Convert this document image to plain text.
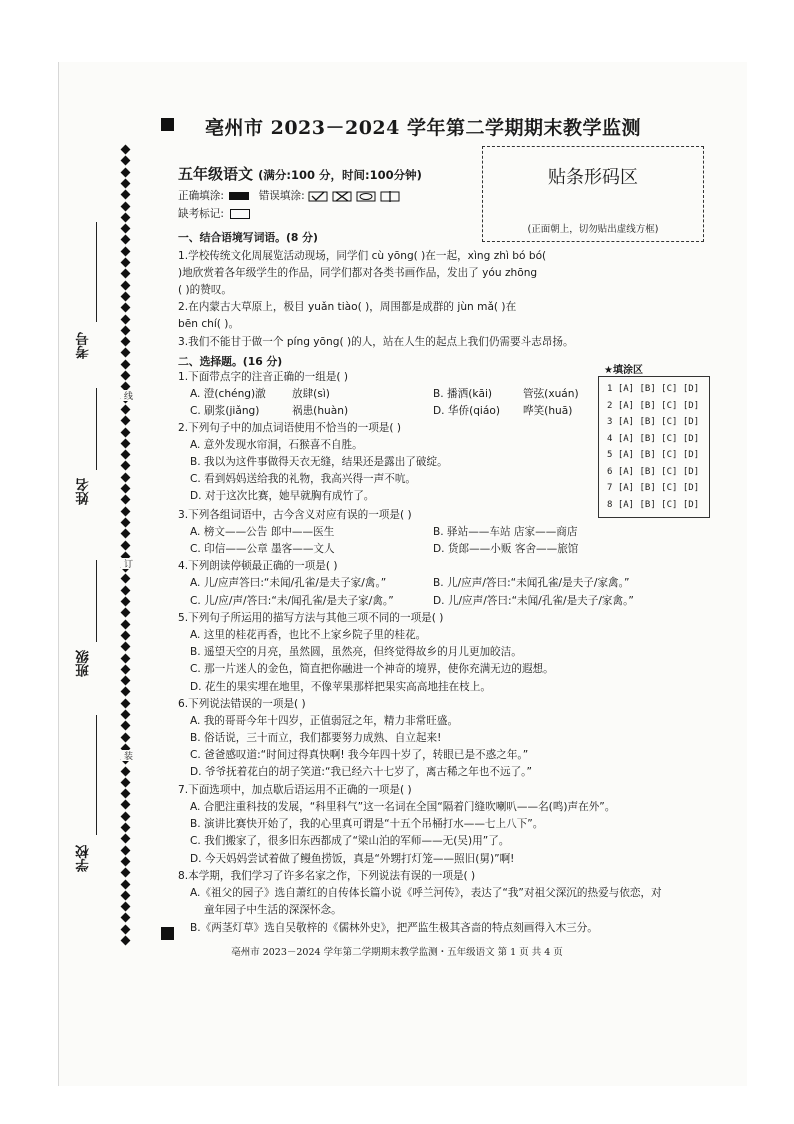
亳州市 2023－2024 学年第二学期期末教学监测
五年级语文 (满分:100 分，时间:100分钟)
正确填涂:	错误填涂:
缺考标记:
贴条形码区
(正面朝上，切勿贴出虚线方框)
考号
姓名
班级
学校
线
订
装
一、结合语境写词语。(8 分)
1.学校传统文化周展览活动现场，同学们 cù yōng( )在一起，xìng zhì bó bó(
)地欣赏着各年级学生的作品，同学们都对各类书画作品，发出了 yóu zhōng
( )的赞叹。
2.在内蒙古大草原上，极目 yuǎn tiào( )，周围都是成群的 jùn mǎ( )在
bēn chí( )。
3.我们不能甘于做一个 píng yōng( )的人，站在人生的起点上我们仍需要斗志昂扬。
二、选择题。(16 分)
★填涂区
1 [A] [B] [C] [D]
2 [A] [B] [C] [D]
3 [A] [B] [C] [D]
4 [A] [B] [C] [D]
5 [A] [B] [C] [D]
6 [A] [B] [C] [D]
7 [A] [B] [C] [D]
8 [A] [B] [C] [D]
1.下面带点字的注音正确的一组是( )
A. 澄(chéng)澈 放肆(sì)	B. 播洒(kāi)	管弦(xuán)
C. 刷浆(jiǎng)	祸患(huàn)	D. 华侨(qiáo) 哗笑(huā)
2.下列句子中的加点词语使用不恰当的一项是( )
A. 意外发现水帘洞，石猴喜不自胜。
B. 我以为这件事做得天衣无缝，结果还是露出了破绽。
C. 看到妈妈送给我的礼物，我高兴得一声不吭。
D. 对于这次比赛，她早就胸有成竹了。
3.下列各组词语中，古今含义对应有误的一项是( )
A. 榜文——公告 郎中——医生	B. 驿站——车站 店家——商店
C. 印信——公章 墨客——文人	D. 货郎——小贩 客舍——旅馆
4.下列朗读停顿最正确的一项是( )
A. 儿/应声答曰:“未闻/孔雀/是夫子家/禽。”	B. 儿/应声/答曰:“未闻孔雀/是夫子/家禽。”
C. 儿/应/声/答曰:“未/闻孔雀/是夫子家/禽。”	D. 儿/应声/答曰:“未闻/孔雀/是夫子/家禽。”
5.下列句子所运用的描写方法与其他三项不同的一项是( )
A. 这里的桂花再香，也比不上家乡院子里的桂花。
B. 遥望天空的月亮，虽然圆，虽然亮，但终觉得故乡的月儿更加皎洁。
C. 那一片迷人的金色，简直把你融进一个神奇的境界，使你充满无边的遐想。
D. 花生的果实埋在地里，不像苹果那样把果实高高地挂在枝上。
6.下列说法错误的一项是( )
A. 我的哥哥今年十四岁，正值弱冠之年，精力非常旺盛。
B. 俗话说，三十而立，我们都要努力成熟、自立起来!
C. 爸爸感叹道:“时间过得真快啊! 我今年四十岁了，转眼已是不惑之年。”
D. 爷爷抚着花白的胡子笑道:“我已经六十七岁了，离古稀之年也不远了。”
7.下面选项中，加点歇后语运用不正确的一项是( )
A. 合肥注重科技的发展，“科里科气”这一名词在全国“隔着门缝吹喇叭——名(鸣)声在外”。
B. 演讲比赛快开始了，我的心里真可谓是“十五个吊桶打水——七上八下”。
C. 我们搬家了，很多旧东西都成了“梁山泊的军师——无(吴)用”了。
D. 今天妈妈尝试着做了鳗鱼捞饭，真是“外甥打灯笼——照旧(舅)”啊!
8.本学期，我们学习了许多名家之作，下列说法有误的一项是( )
A.《祖父的园子》选自萧红的自传体长篇小说《呼兰河传》，表达了“我”对祖父深沉的热爱与依恋，对
童年园子中生活的深深怀念。
B.《两茎灯草》选自吴敬梓的《儒林外史》，把严监生极其吝啬的特点刻画得入木三分。
亳州市 2023－2024 学年第二学期期末教学监测・五年级语文 第 1 页 共 4 页
